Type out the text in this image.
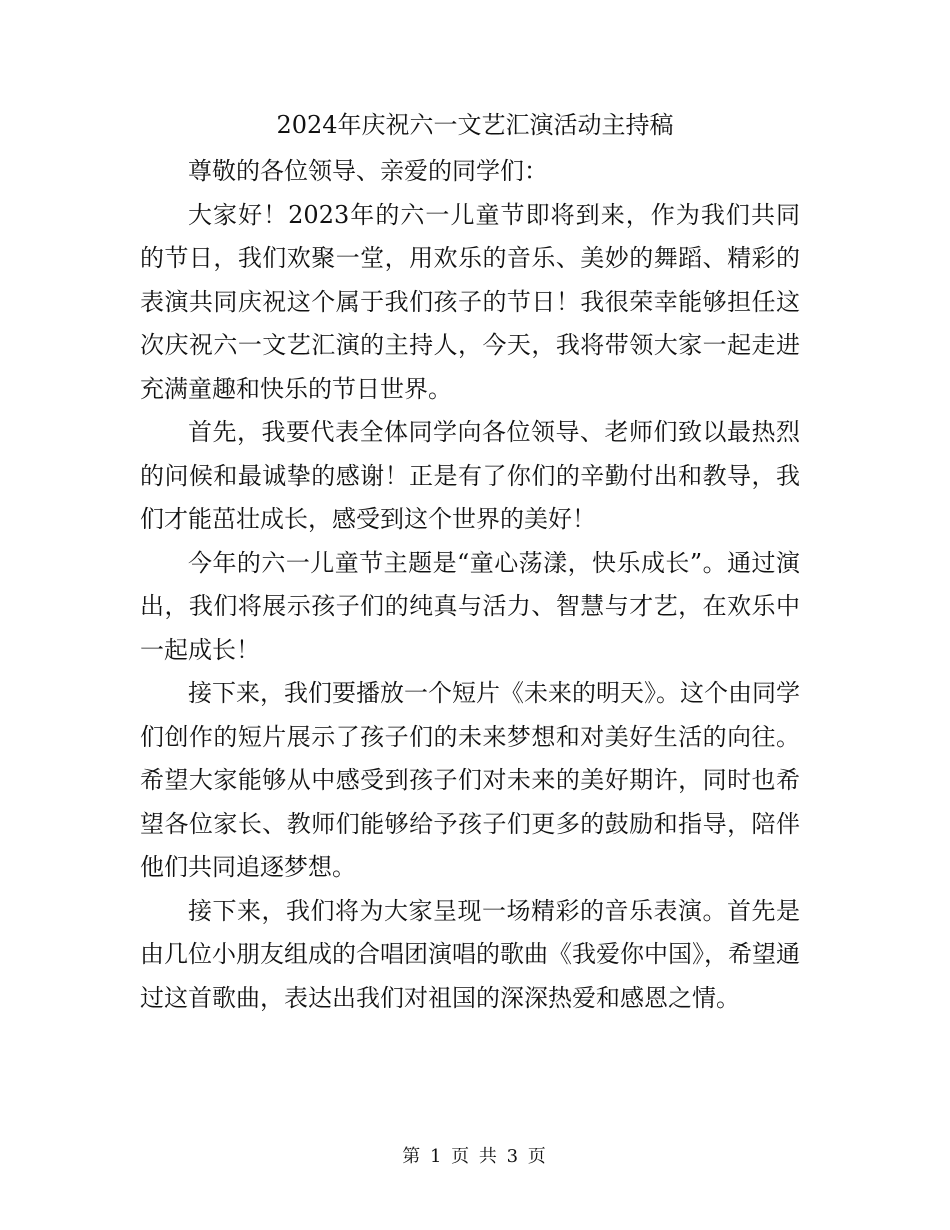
2024年庆祝六一文艺汇演活动主持稿

尊敬的各位领导、亲爱的同学们：

大家好！2023年的六一儿童节即将到来，作为我们共同的节日，我们欢聚一堂，用欢乐的音乐、美妙的舞蹈、精彩的表演共同庆祝这个属于我们孩子的节日！我很荣幸能够担任这次庆祝六一文艺汇演的主持人，今天，我将带领大家一起走进充满童趣和快乐的节日世界。

首先，我要代表全体同学向各位领导、老师们致以最热烈的问候和最诚挚的感谢！正是有了你们的辛勤付出和教导，我们才能茁壮成长，感受到这个世界的美好！

今年的六一儿童节主题是“童心荡漾，快乐成长”。通过演出，我们将展示孩子们的纯真与活力、智慧与才艺，在欢乐中一起成长！

接下来，我们要播放一个短片《未来的明天》。这个由同学们创作的短片展示了孩子们的未来梦想和对美好生活的向往。希望大家能够从中感受到孩子们对未来的美好期许，同时也希望各位家长、教师们能够给予孩子们更多的鼓励和指导，陪伴他们共同追逐梦想。

接下来，我们将为大家呈现一场精彩的音乐表演。首先是由几位小朋友组成的合唱团演唱的歌曲《我爱你中国》，希望通过这首歌曲，表达出我们对祖国的深深热爱和感恩之情。

第 1 页 共 3 页
